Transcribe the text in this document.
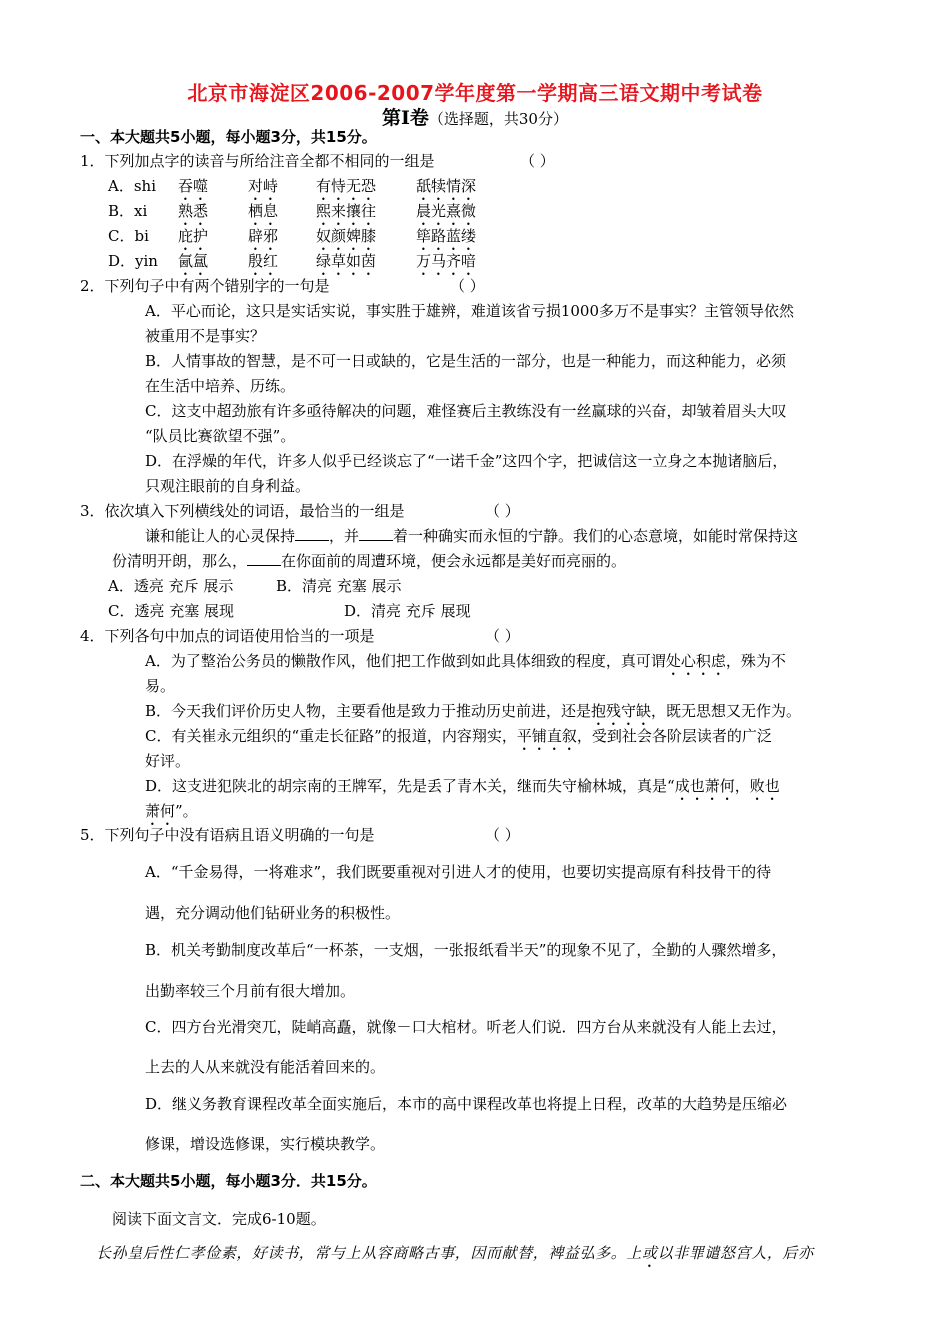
北京市海淀区2006-2007学年度第一学期高三语文期中考试卷
第Ⅰ卷（选择题，共30分）
一、本大题共5小题，每小题3分，共15分。
1．下列加点字的读音与所给注音全都不相同的一组是	（ ）
A．shi 吞噬	对峙	有恃无恐	舐犊情深
B．xi 熟悉	栖息	熙来攘往	晨光熹微
C．bi 庇护	辟邪	奴颜婢膝	筚路蓝缕
D．yin 氤氲	殷红	绿草如茵	万马齐喑
2．下列句子中有两个错别字的一句是	（ ）
A．平心而论，这只是实话实说，事实胜于雄辨，难道该省亏损1000多万不是事实？主管领导依然
被重用不是事实？
B．人情事故的智慧，是不可一日或缺的，它是生活的一部分，也是一种能力，而这种能力，必须
在生活中培养、历练。
C．这支中超劲旅有许多亟待解决的问题，难怪赛后主教练没有一丝赢球的兴奋，却皱着眉头大叹
“队员比赛欲望不强”。
D．在浮燥的年代，许多人似乎已经谈忘了“一诺千金”这四个字，把诚信这一立身之本抛诸脑后，
只观注眼前的自身利益。
3．依次填入下列横线处的词语，最恰当的一组是	（ ）
谦和能让人的心灵保持 ，并 着一种确实而永恒的宁静。我们的心态意境，如能时常保持这
份清明开朗，那么， 在你面前的周遭环境，便会永远都是美好而亮丽的。
A．透亮 充斥 展示	B．清亮 充塞 展示
C．透亮 充塞 展现	D．清亮 充斥 展现
4．下列各句中加点的词语使用恰当的一项是	（ ）
A．为了整治公务员的懒散作风，他们把工作做到如此具体细致的程度，真可谓处心积虑，殊为不
易。
B．今天我们评价历史人物，主要看他是致力于推动历史前进，还是抱残守缺，既无思想又无作为。
C．有关崔永元组织的“重走长征路”的报道，内容翔实，平铺直叙，受到社会各阶层读者的广泛
好评。
D．这支进犯陕北的胡宗南的王牌军，先是丢了青木关，继而失守榆林城，真是“成也萧何，败也
萧何”。
5．下列句子中没有语病且语义明确的一句是	（ ）
A．“千金易得，一将难求”，我们既要重视对引进人才的使用，也要切实提高原有科技骨干的待
遇，充分调动他们钻研业务的积极性。
B．机关考勤制度改革后“一杯茶，一支烟，一张报纸看半天”的现象不见了，全勤的人骤然增多，
出勤率较三个月前有很大增加。
C．四方台光滑突兀，陡峭高矗，就像－口大棺材。听老人们说．四方台从来就没有人能上去过，
上去的人从来就没有能活着回来的。
D．继义务教育课程改革全面实施后，本市的高中课程改革也将提上日程，改革的大趋势是压缩必
修课，增设选修课，实行模块教学。
二、本大题共5小题，每小题3分．共15分。
阅读下面文言文．完成6-10题。
长孙皇后性仁孝俭素，好读书，常与上从容商略古事，因而献替，裨益弘多。上或以非罪谴怒宫人，后亦
